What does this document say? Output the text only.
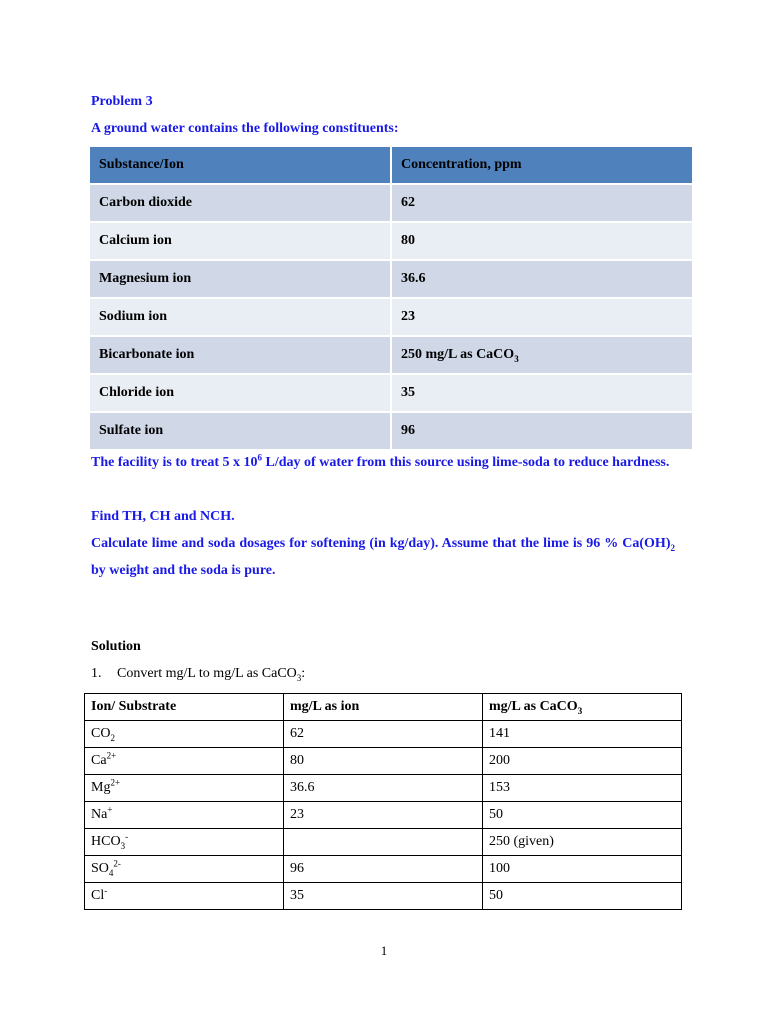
Problem 3
A ground water contains the following constituents:
Substance/Ion	Concentration, ppm
Carbon dioxide	62
Calcium ion	80
Magnesium ion	36.6
Sodium ion	23
Bicarbonate ion	250 mg/L as CaCO$_3$
Chloride ion	35
Sulfate ion	96
The facility is to treat 5 x $10^6$ L/day of water from this source using lime-soda to reduce hardness.
Find TH, CH and NCH.
Calculate lime and soda dosages for softening (in kg/day). Assume that the lime is 96 % $Ca(OH)_2$ by weight and the soda is pure.
Solution
1. Convert mg/L to mg/L as CaCO$_3$:
Ion/ Substrate	mg/L as ion	mg/L as CaCO$_3$
$CO_2$	62	141
$Ca^{2+}$	80	200
$Mg^{2+}$	36.6	153
Na+	23	50
$HCO_3^-$		250 (given)
$SO_4^{2-}$	96	100
Cl-	35	50
1
